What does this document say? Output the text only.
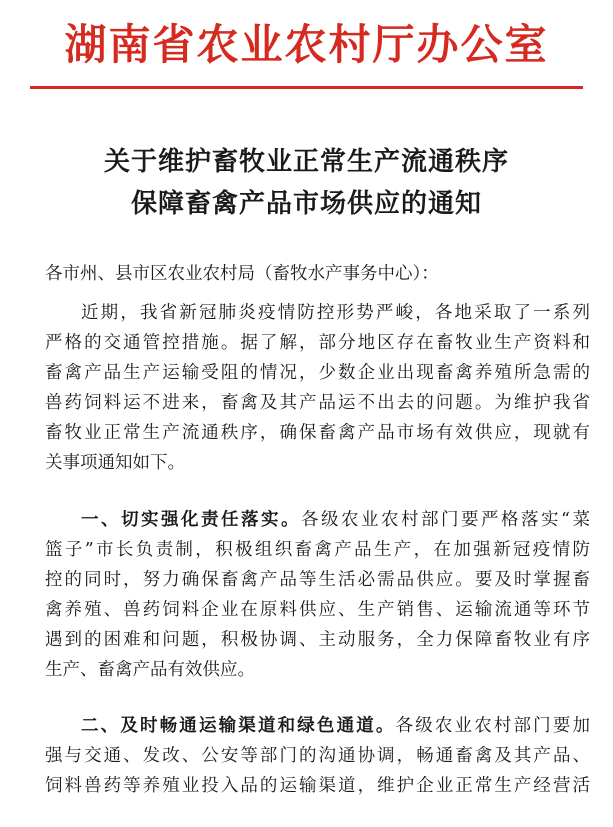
湖南省农业农村厅办公室
关于维护畜牧业正常生产流通秩序
保障畜禽产品市场供应的通知
各市州、县市区农业农村局（畜牧水产事务中心）：
近期，我省新冠肺炎疫情防控形势严峻，各地采取了一系列
严格的交通管控措施。据了解，部分地区存在畜牧业生产资料和
畜禽产品生产运输受阻的情况，少数企业出现畜禽养殖所急需的
兽药饲料运不进来，畜禽及其产品运不出去的问题。为维护我省
畜牧业正常生产流通秩序，确保畜禽产品市场有效供应，现就有
关事项通知如下。
一、切实强化责任落实。各级农业农村部门要严格落实“菜
篮子”市长负责制，积极组织畜禽产品生产，在加强新冠疫情防
控的同时，努力确保畜禽产品等生活必需品供应。要及时掌握畜
禽养殖、兽药饲料企业在原料供应、生产销售、运输流通等环节
遇到的困难和问题，积极协调、主动服务，全力保障畜牧业有序
生产、畜禽产品有效供应。
二、及时畅通运输渠道和绿色通道。各级农业农村部门要加
强与交通、发改、公安等部门的沟通协调，畅通畜禽及其产品、
饲料兽药等养殖业投入品的运输渠道，维护企业正常生产经营活
